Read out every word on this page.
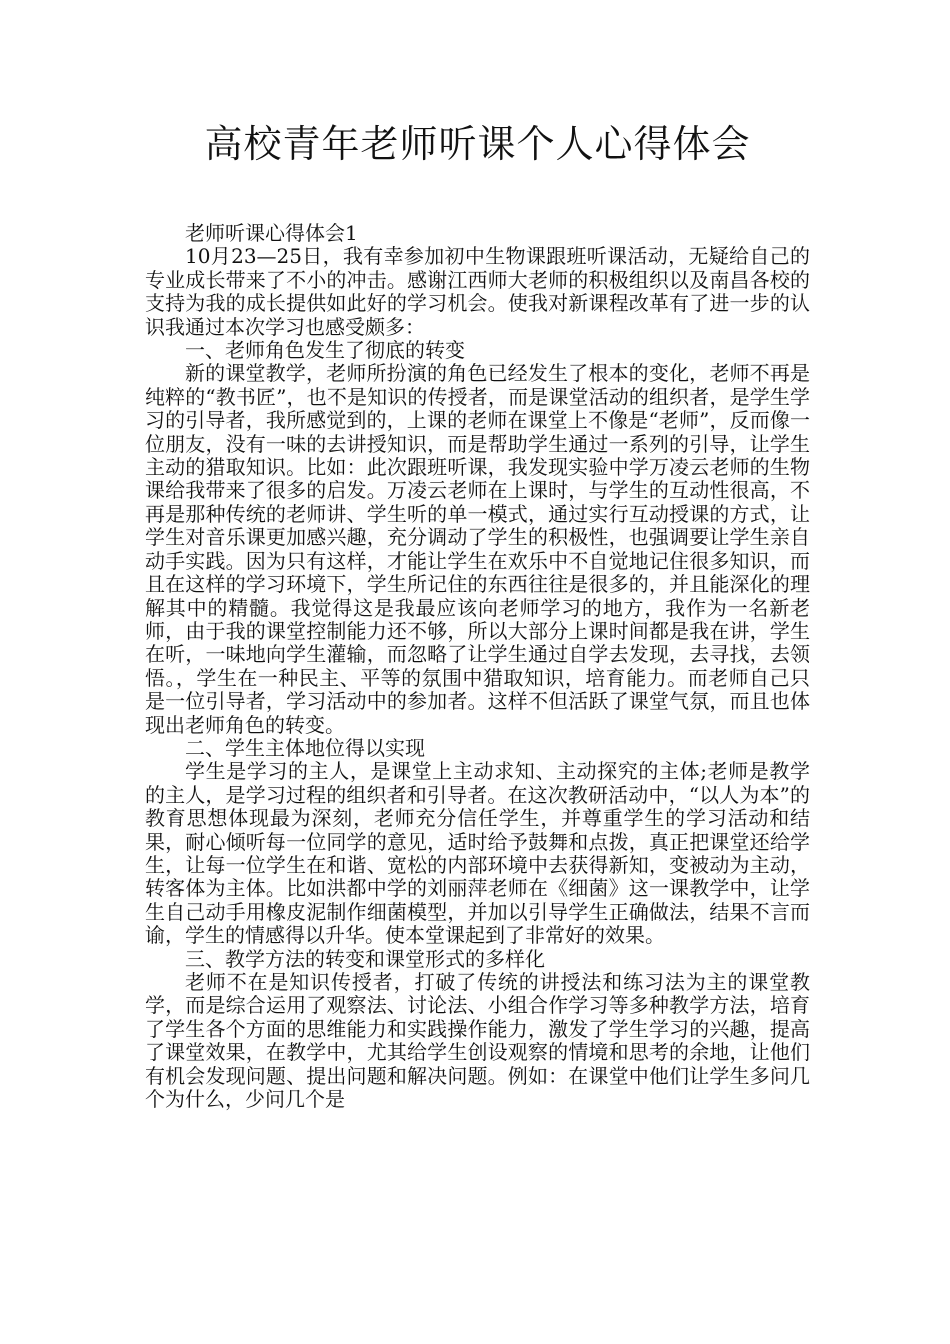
高校青年老师听课个人心得体会

老师听课心得体会1

10月23—25日，我有幸参加初中生物课跟班听课活动，无疑给自己的专业成长带来了不小的冲击。感谢江西师大老师的积极组织以及南昌各校的支持为我的成长提供如此好的学习机会。使我对新课程改革有了进一步的认识我通过本次学习也感受颇多：

一、老师角色发生了彻底的转变

新的课堂教学，老师所扮演的角色已经发生了根本的变化，老师不再是纯粹的“教书匠”，也不是知识的传授者，而是课堂活动的组织者，是学生学习的引导者，我所感觉到的，上课的老师在课堂上不像是“老师”，反而像一位朋友，没有一味的去讲授知识，而是帮助学生通过一系列的引导，让学生主动的猎取知识。比如：此次跟班听课，我发现实验中学万凌云老师的生物课给我带来了很多的启发。万凌云老师在上课时，与学生的互动性很高，不再是那种传统的老师讲、学生听的单一模式，通过实行互动授课的方式，让学生对音乐课更加感兴趣，充分调动了学生的积极性，也强调要让学生亲自动手实践。因为只有这样，才能让学生在欢乐中不自觉地记住很多知识，而且在这样的学习环境下，学生所记住的东西往往是很多的，并且能深化的理解其中的精髓。我觉得这是我最应该向老师学习的地方，我作为一名新老师，由于我的课堂控制能力还不够，所以大部分上课时间都是我在讲，学生在听，一味地向学生灌输，而忽略了让学生通过自学去发现，去寻找，去领悟。，学生在一种民主、平等的氛围中猎取知识，培育能力。而老师自己只是一位引导者，学习活动中的参加者。这样不但活跃了课堂气氛，而且也体现出老师角色的转变。

二、学生主体地位得以实现

学生是学习的主人，是课堂上主动求知、主动探究的主体;老师是教学的主人，是学习过程的组织者和引导者。在这次教研活动中，“以人为本”的教育思想体现最为深刻，老师充分信任学生，并尊重学生的学习活动和结果，耐心倾听每一位同学的意见，适时给予鼓舞和点拨，真正把课堂还给学生，让每一位学生在和谐、宽松的内部环境中去获得新知，变被动为主动，转客体为主体。比如洪都中学的刘丽萍老师在《细菌》这一课教学中，让学生自己动手用橡皮泥制作细菌模型，并加以引导学生正确做法，结果不言而谕，学生的情感得以升华。使本堂课起到了非常好的效果。

三、教学方法的转变和课堂形式的多样化

老师不在是知识传授者，打破了传统的讲授法和练习法为主的课堂教学，而是综合运用了观察法、讨论法、小组合作学习等多种教学方法，培育了学生各个方面的思维能力和实践操作能力，激发了学生学习的兴趣，提高了课堂效果，在教学中，尤其给学生创设观察的情境和思考的余地，让他们有机会发现问题、提出问题和解决问题。例如：在课堂中他们让学生多问几个为什么，少问几个是
